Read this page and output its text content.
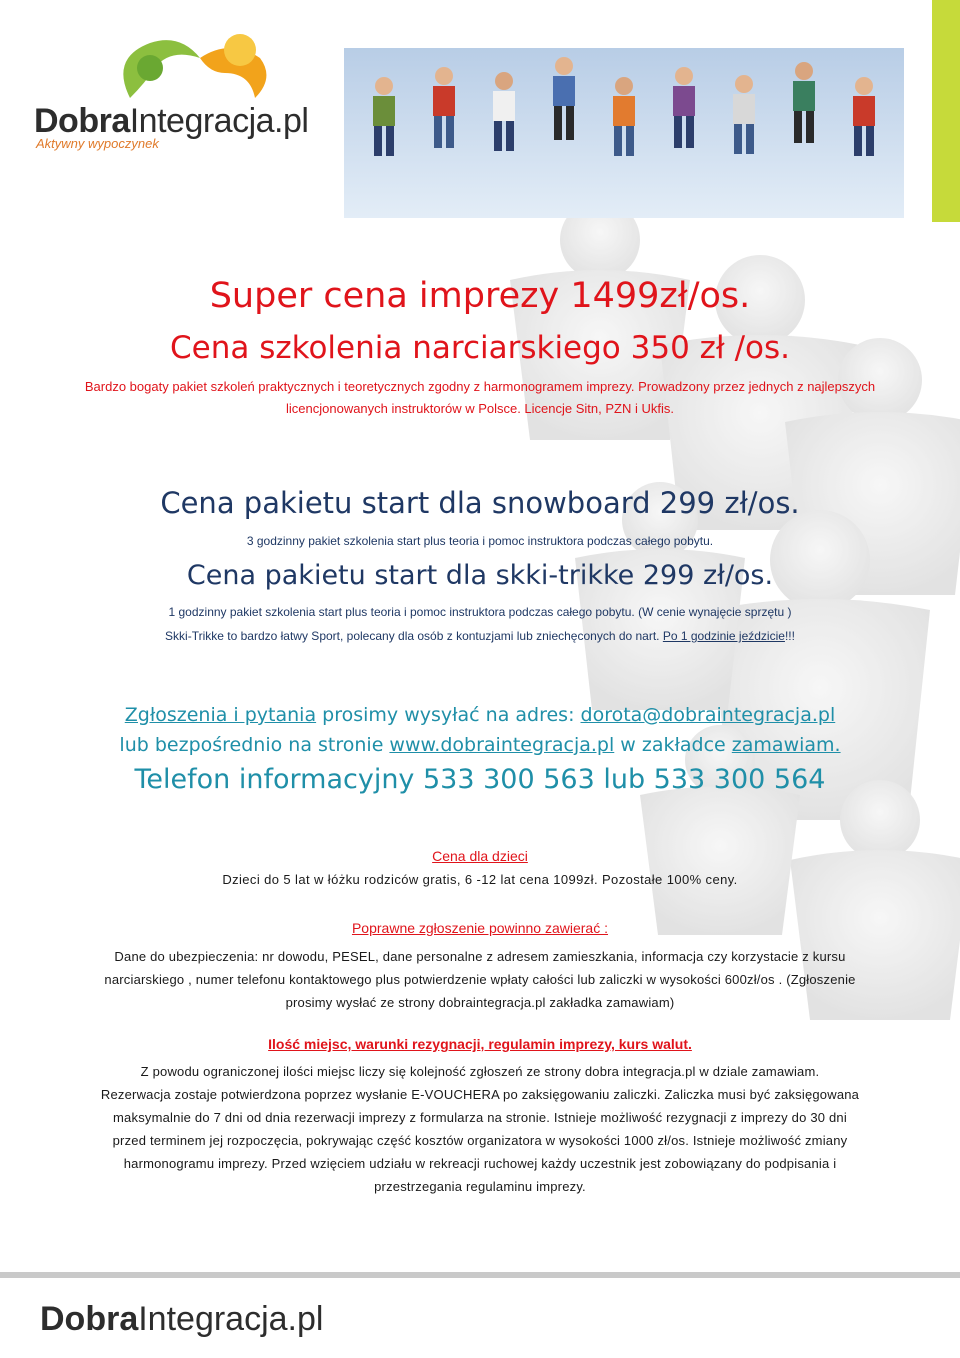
DobraIntegracja.pl
Aktywny wypoczynek
Super cena imprezy 1499zł/os.
Cena szkolenia narciarskiego 350 zł /os.
Bardzo bogaty pakiet szkoleń praktycznych i teoretycznych zgodny z harmonogramem imprezy. Prowadzony przez jednych z najlepszych
licencjonowanych instruktorów w Polsce. Licencje Sitn, PZN i Ukfis.
Cena pakietu start dla snowboard 299 zł/os.
3 godzinny pakiet szkolenia start plus teoria i pomoc instruktora podczas całego pobytu.
Cena pakietu start dla skki-trikke 299 zł/os.
1 godzinny pakiet szkolenia start plus teoria i pomoc instruktora podczas całego pobytu. (W cenie wynajęcie sprzętu )
Skki-Trikke to bardzo łatwy Sport, polecany dla osób z kontuzjami lub zniechęconych do nart. Po 1 godzinie jeździcie!!!
Zgłoszenia i pytania prosimy wysyłać na adres: dorota@dobraintegracja.pl
lub bezpośrednio na stronie www.dobraintegracja.pl w zakładce zamawiam.
Telefon informacyjny 533 300 563 lub 533 300 564
Cena dla dzieci
Dzieci do 5 lat w łóżku rodziców gratis, 6 -12 lat cena 1099zł. Pozostałe 100% ceny.
Poprawne zgłoszenie powinno zawierać :
Dane do ubezpieczenia: nr dowodu, PESEL, dane personalne z adresem zamieszkania, informacja czy korzystacie z kursu
narciarskiego , numer telefonu kontaktowego plus potwierdzenie wpłaty całości lub zaliczki w wysokości 600zł/os . (Zgłoszenie
prosimy wysłać ze strony dobraintegracja.pl zakładka zamawiam)
Ilość miejsc, warunki rezygnacji, regulamin imprezy, kurs walut.
Z powodu ograniczonej ilości miejsc liczy się kolejność zgłoszeń ze strony dobra integracja.pl w dziale zamawiam.
Rezerwacja zostaje potwierdzona poprzez wysłanie E-VOUCHERA po zaksięgowaniu zaliczki. Zaliczka musi być zaksięgowana
maksymalnie do 7 dni od dnia rezerwacji imprezy z formularza na stronie. Istnieje możliwość rezygnacji z imprezy do 30 dni
przed terminem jej rozpoczęcia, pokrywając część kosztów organizatora w wysokości 1000 zł/os. Istnieje możliwość zmiany
harmonogramu imprezy. Przed wzięciem udziału w rekreacji ruchowej każdy uczestnik jest zobowiązany do podpisania i
przestrzegania regulaminu imprezy.
DobraIntegracja.pl
